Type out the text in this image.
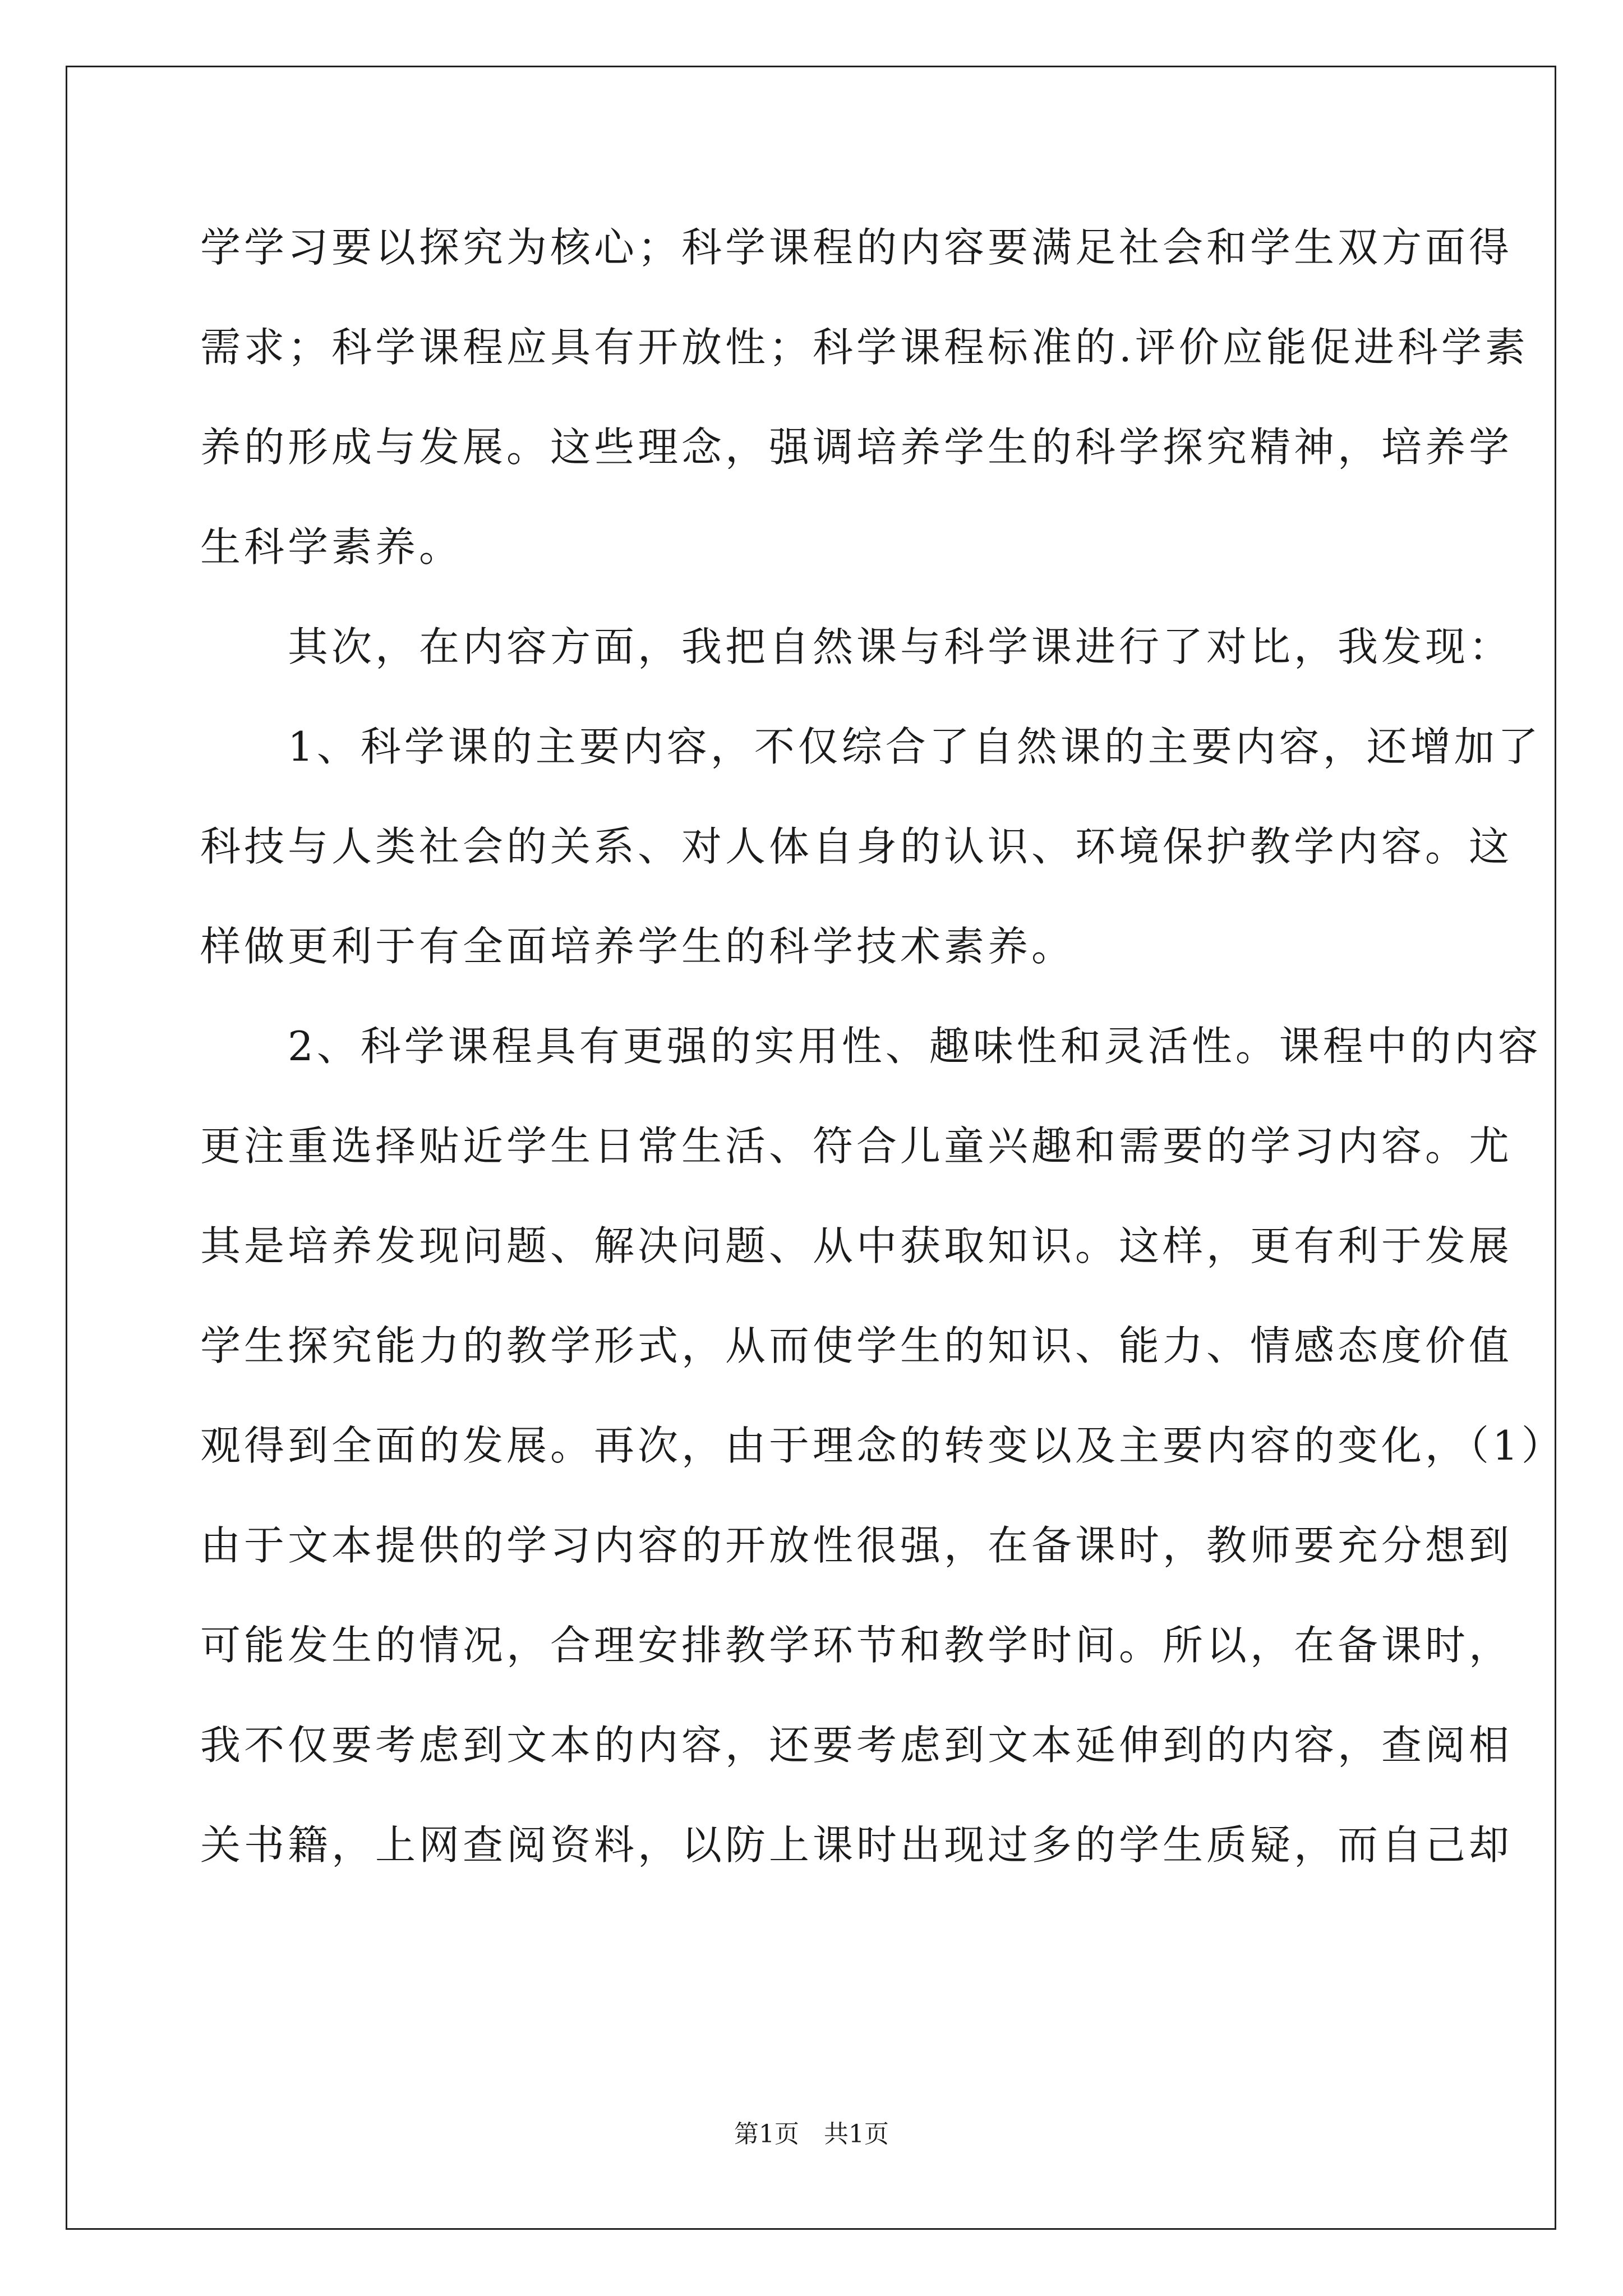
学学习要以探究为核心；科学课程的内容要满足社会和学生双方面得
需求；科学课程应具有开放性；科学课程标准的.评价应能促进科学素
养的形成与发展。这些理念，强调培养学生的科学探究精神，培养学
生科学素养。
　　其次，在内容方面，我把自然课与科学课进行了对比，我发现：
　　1、科学课的主要内容，不仅综合了自然课的主要内容，还增加了
科技与人类社会的关系、对人体自身的认识、环境保护教学内容。这
样做更利于有全面培养学生的科学技术素养。
　　2、科学课程具有更强的实用性、趣味性和灵活性。课程中的内容
更注重选择贴近学生日常生活、符合儿童兴趣和需要的学习内容。尤
其是培养发现问题、解决问题、从中获取知识。这样，更有利于发展
学生探究能力的教学形式，从而使学生的知识、能力、情感态度价值
观得到全面的发展。再次，由于理念的转变以及主要内容的变化，（1）
由于文本提供的学习内容的开放性很强，在备课时，教师要充分想到
可能发生的情况，合理安排教学环节和教学时间。所以，在备课时，
我不仅要考虑到文本的内容，还要考虑到文本延伸到的内容，查阅相
关书籍，上网查阅资料，以防上课时出现过多的学生质疑，而自己却
第1页 共1页
